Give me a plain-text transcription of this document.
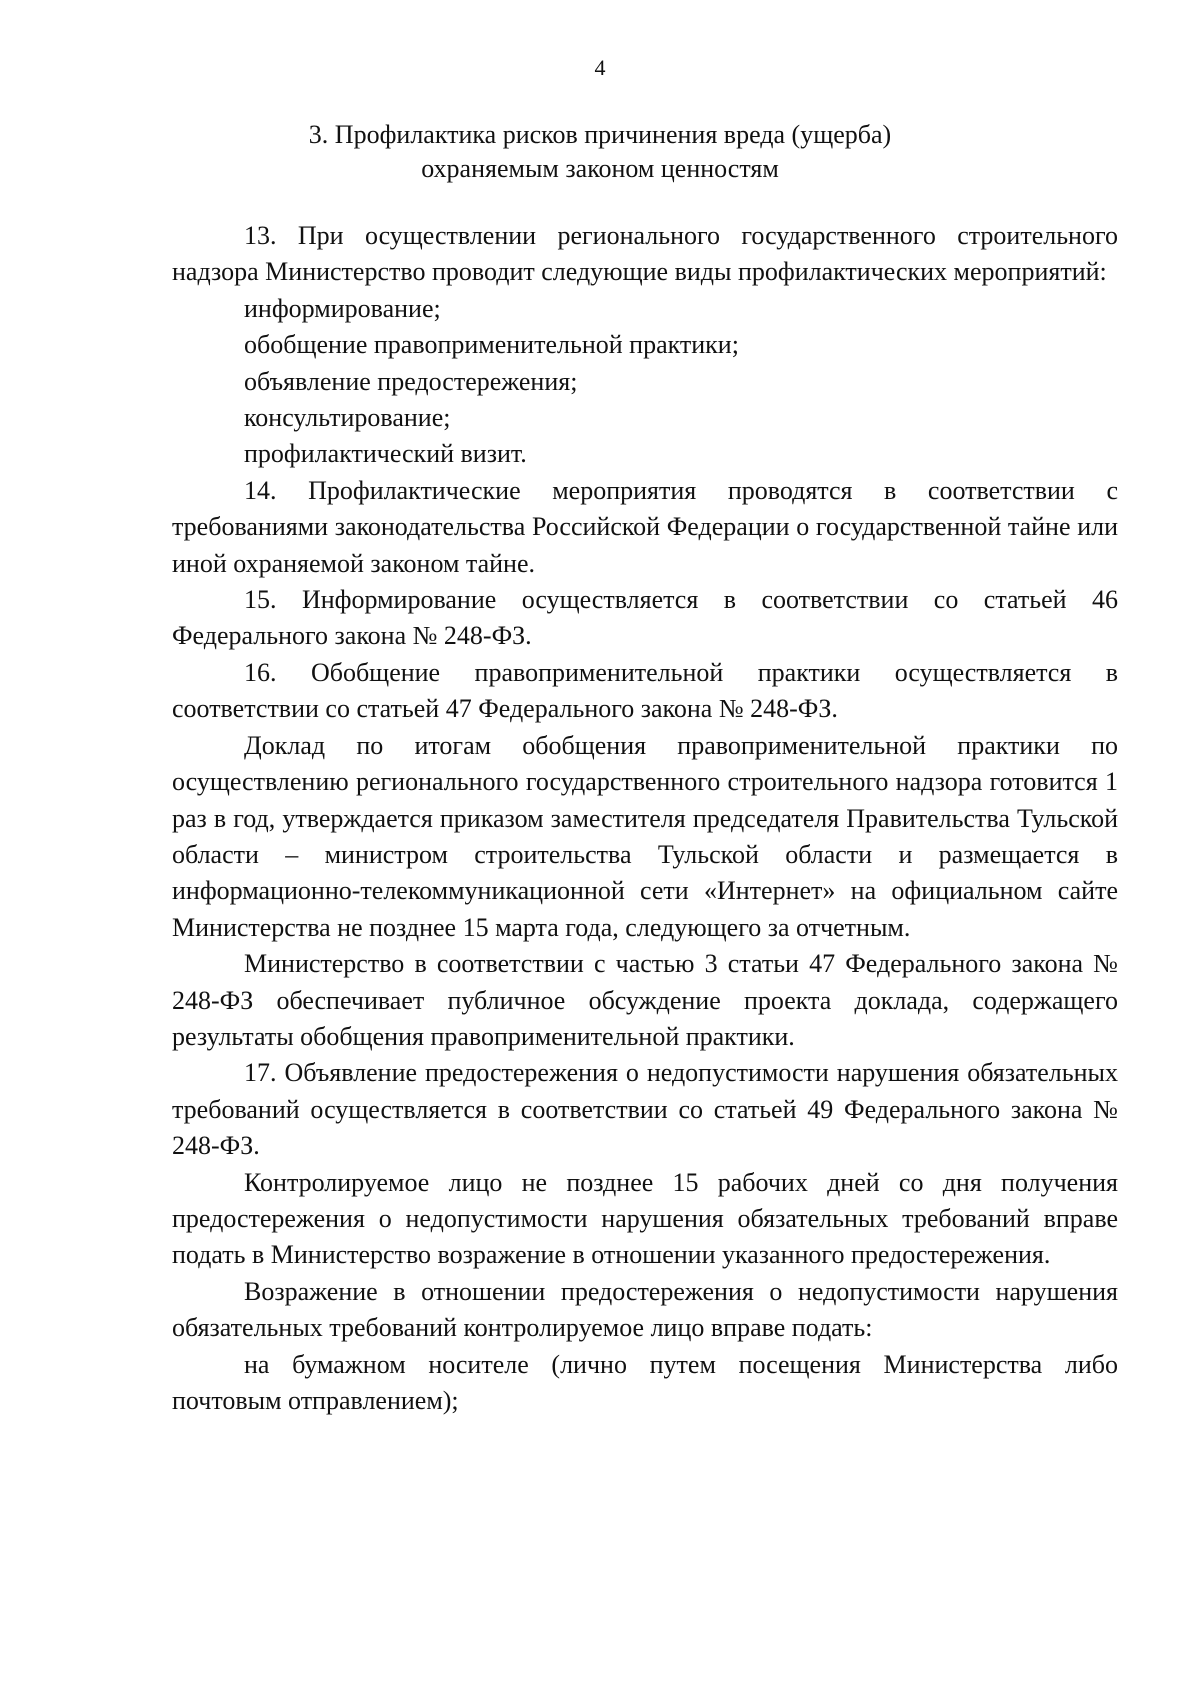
4
3. Профилактика рисков причинения вреда (ущерба)
охраняемым законом ценностям

13. При осуществлении регионального государственного строительного надзора Министерство проводит следующие виды профилактических мероприятий:

информирование;

обобщение правоприменительной практики;

объявление предостережения;

консультирование;

профилактический визит.

14. Профилактические мероприятия проводятся в соответствии с требованиями законодательства Российской Федерации о государственной тайне или иной охраняемой законом тайне.

15. Информирование осуществляется в соответствии со статьей 46 Федерального закона № 248-ФЗ.

16. Обобщение правоприменительной практики осуществляется в соответствии со статьей 47 Федерального закона № 248-ФЗ.

Доклад по итогам обобщения правоприменительной практики по осуществлению регионального государственного строительного надзора готовится 1 раз в год, утверждается приказом заместителя председателя Правительства Тульской области – министром строительства Тульской области и размещается в информационно-телекоммуникационной сети «Интернет» на официальном сайте Министерства не позднее 15 марта года, следующего за отчетным.

Министерство в соответствии с частью 3 статьи 47 Федерального закона № 248-ФЗ обеспечивает публичное обсуждение проекта доклада, содержащего результаты обобщения правоприменительной практики.

17. Объявление предостережения о недопустимости нарушения обязательных требований осуществляется в соответствии со статьей 49 Федерального закона № 248-ФЗ.

Контролируемое лицо не позднее 15 рабочих дней со дня получения предостережения о недопустимости нарушения обязательных требований вправе подать в Министерство возражение в отношении указанного предостережения.

Возражение в отношении предостережения о недопустимости нарушения обязательных требований контролируемое лицо вправе подать:

на бумажном носителе (лично путем посещения Министерства либо почтовым отправлением);
